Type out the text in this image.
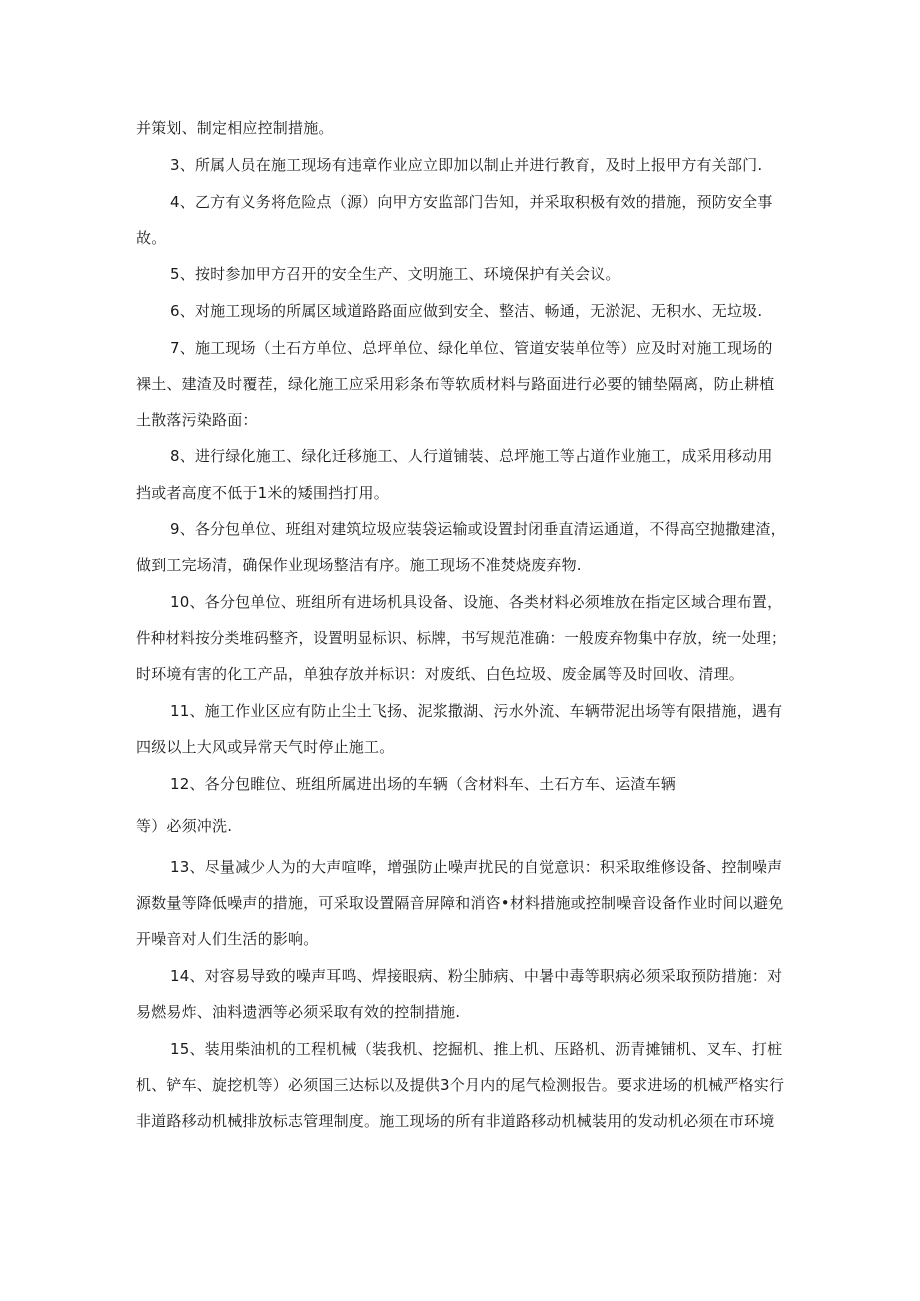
并策划、制定相应控制措施。
3、所属人员在施工现场有违章作业应立即加以制止并进行教育，及时上报甲方有关部门.
4、乙方有义务将危险点（源）向甲方安监部门告知，并采取积极有效的措施，预防安全事
故。
5、按时参加甲方召开的安全生产、文明施工、环境保护有关会议。
6、对施工现场的所属区域道路路面应做到安全、整洁、畅通，无淤泥、无积水、无垃圾.
7、施工现场（土石方单位、总坪单位、绿化单位、管道安装单位等）应及时对施工现场的
裸土、建渣及时覆茬，绿化施工应采用彩条布等软质材料与路面进行必要的铺垫隔离，防止耕植
土散落污染路面：
8、进行绿化施工、绿化迁移施工、人行道铺装、总坪施工等占道作业施工，成采用移动用
挡或者高度不低于1米的矮围挡打用。
9、各分包单位、班组对建筑垃圾应装袋运输或设置封闭垂直清运通道，不得高空抛撒建渣，
做到工完场清，确保作业现场整洁有序。施工现场不准焚烧废弃物.
10、各分包单位、班组所有进场机具设备、设施、各类材料必须堆放在指定区域合理布置，
件种材料按分类堆码整齐，设置明显标识、标牌，书写规范准确：一般废弃物集中存放，统一处理；
时环境有害的化工产品，单独存放并标识：对废纸、白色垃圾、废金属等及时回收、清理。
11、施工作业区应有防止尘土飞扬、泥浆撒湖、污水外流、车辆带泥出场等有限措施，遇有
四级以上大风或异常天气时停止施工。
12、各分包睢位、班组所属进出场的车辆（含材料车、土石方车、运渣车辆
等）必须冲洗.
13、尽量减少人为的大声喧哗，增强防止噪声扰民的自觉意识：积采取维修设备、控制噪声
源数量等降低噪声的措施，可采取设置隔音屏障和消咨•材料措施或控制噪音设备作业时间以避免
开噪音对人们生活的影响。
14、对容易导致的噪声耳鸣、焊接眼病、粉尘肺病、中暑中毒等职病必须采取预防措施：对
易燃易炸、油料遗洒等必须采取有效的控制措施.
15、装用柴油机的工程机械（装我机、挖掘机、推上机、压路机、沥青摊铺机、叉车、打桩
机、铲车、旋挖机等）必须国三达标以及提供3个月内的尾气检测报告。要求进场的机械严格实行
非道路移动机械排放标志管理制度。施工现场的所有非道路移动机械装用的发动机必须在市环境
